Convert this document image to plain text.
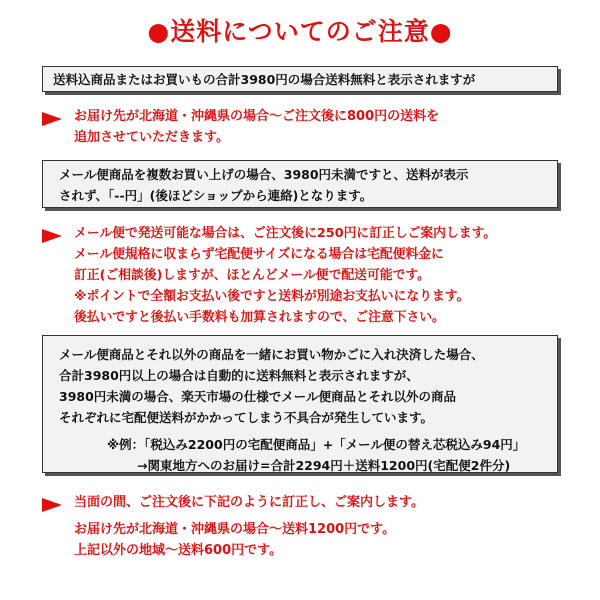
●送料についてのご注意●
送料込商品またはお買いもの合計3980円の場合送料無料と表示されますが
お届け先が北海道・沖縄県の場合～ご注文後に800円の送料を
追加させていただきます。
メール便商品を複数お買い上げの場合、3980円未満ですと、送料が表示
されず、「--円」(後ほどショップから連絡)となります。
メール便で発送可能な場合は、ご注文後に250円に訂正しご案内します。
メール便規格に収まらず宅配便サイズになる場合は宅配便料金に
訂正(ご相談後)しますが、ほとんどメール便で配送可能です。
※ポイントで全額お支払い後ですと送料が別途お支払いになります。
後払いですと後払い手数料も加算されますので、ご注意下さい。
メール便商品とそれ以外の商品を一緒にお買い物かごに入れ決済した場合、
合計3980円以上の場合は自動的に送料無料と表示されますが、
3980円未満の場合、楽天市場の仕様でメール便商品とそれ以外の商品
それぞれに宅配便送料がかかってしまう不具合が発生しています。
※例：「税込み2200円の宅配便商品」+「メール便の替え芯税込み94円」
→関東地方へのお届け=合計2294円＋送料1200円(宅配便2件分)
当面の間、ご注文後に下記のように訂正し、ご案内します。
お届け先が北海道・沖縄県の場合～送料1200円です。
上記以外の地域～送料600円です。
